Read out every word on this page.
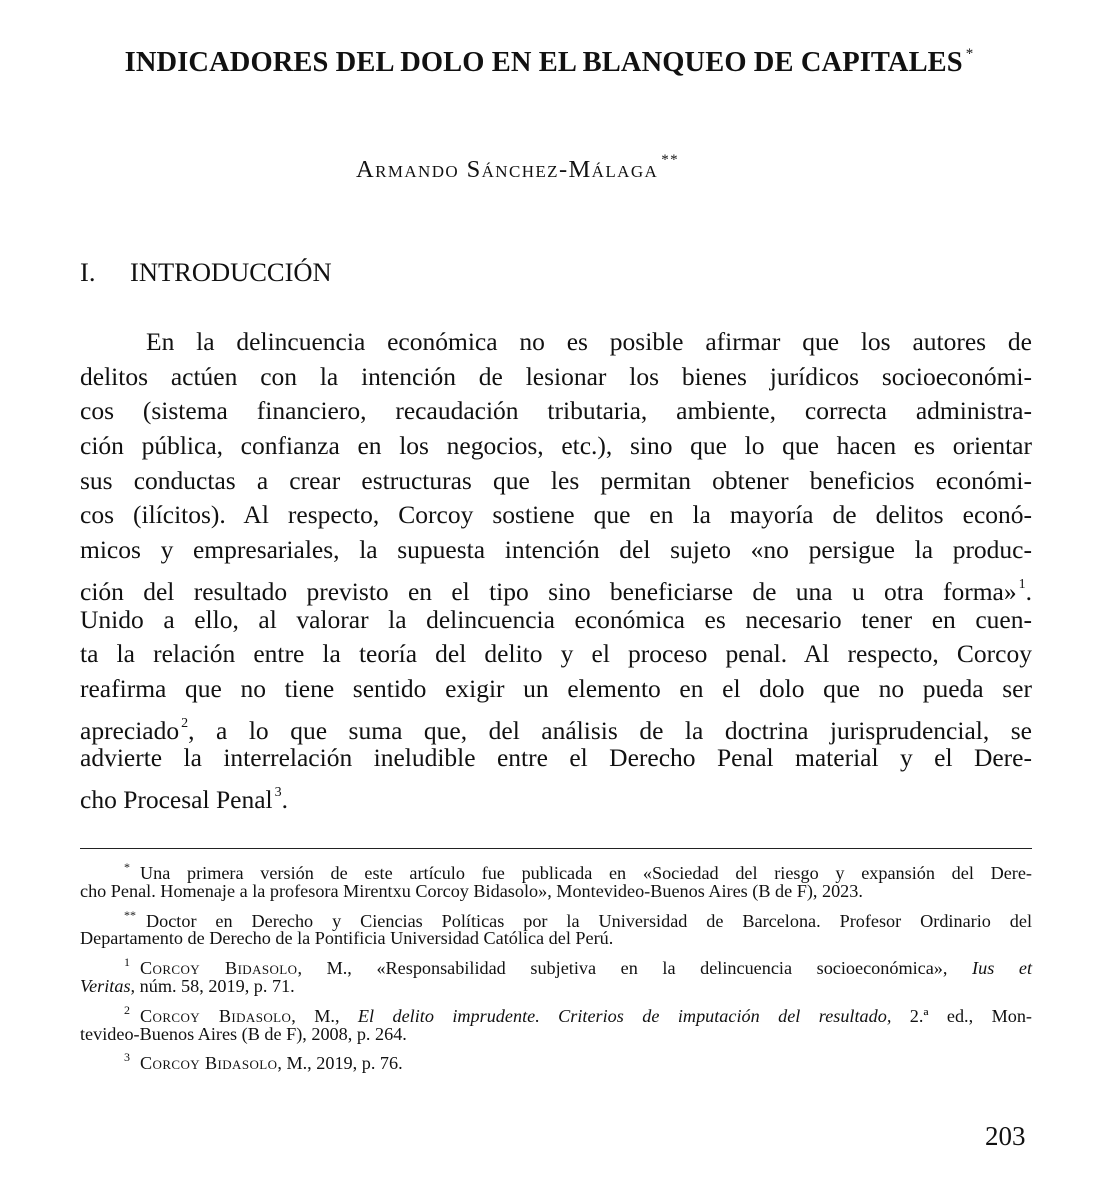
INDICADORES DEL DOLO EN EL BLANQUEO DE CAPITALES *
Armando Sánchez-Málaga **
I. INTRODUCCIÓN
En la delincuencia económica no es posible afirmar que los autores de
delitos actúen con la intención de lesionar los bienes jurídicos socioeconómi-
cos (sistema financiero, recaudación tributaria, ambiente, correcta administra-
ción pública, confianza en los negocios, etc.), sino que lo que hacen es orientar
sus conductas a crear estructuras que les permitan obtener beneficios económi-
cos (ilícitos). Al respecto, Corcoy sostiene que en la mayoría de delitos econó-
micos y empresariales, la supuesta intención del sujeto «no persigue la produc-
ción del resultado previsto en el tipo sino beneficiarse de una u otra forma» $^1$.
Unido a ello, al valorar la delincuencia económica es necesario tener en cuen-
ta la relación entre la teoría del delito y el proceso penal. Al respecto, Corcoy
reafirma que no tiene sentido exigir un elemento en el dolo que no pueda ser
apreciado $^2$, a lo que suma que, del análisis de la doctrina jurisprudencial, se
advierte la interrelación ineludible entre el Derecho Penal material y el Dere-
cho Procesal Penal $^3$.
* Una primera versión de este artículo fue publicada en «Sociedad del riesgo y expansión del Dere-
cho Penal. Homenaje a la profesora Mirentxu Corcoy Bidasolo», Montevideo-Buenos Aires (B de F), 2023.
** Doctor en Derecho y Ciencias Políticas por la Universidad de Barcelona. Profesor Ordinario del
Departamento de Derecho de la Pontificia Universidad Católica del Perú.
$^1$ Corcoy Bidasolo, M., «Responsabilidad subjetiva en la delincuencia socioeconómica», Ius et
Veritas, núm. 58, 2019, p. 71.
$^2$ Corcoy Bidasolo, M., El delito imprudente. Criterios de imputación del resultado, 2.ª ed., Mon-
tevideo-Buenos Aires (B de F), 2008, p. 264.
$^3$ Corcoy Bidasolo, M., 2019, p. 76.
203
